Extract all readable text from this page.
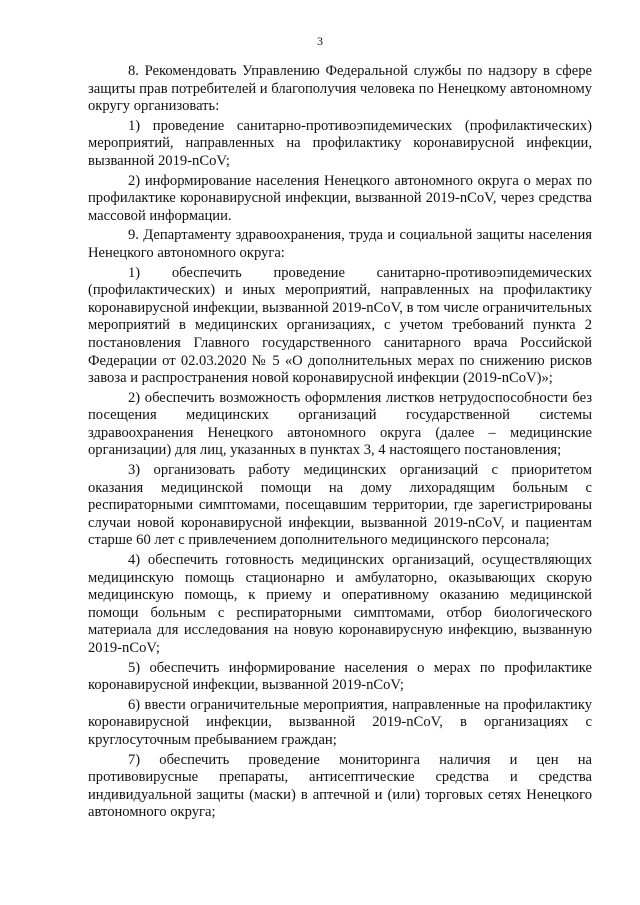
3

8. Рекомендовать Управлению Федеральной службы по надзору в сфере защиты прав потребителей и благополучия человека по Ненецкому автономному округу организовать:

1) проведение санитарно-противоэпидемических (профилактических) мероприятий, направленных на профилактику коронавирусной инфекции, вызванной 2019-nCoV;

2) информирование населения Ненецкого автономного округа о мерах по профилактике коронавирусной инфекции, вызванной 2019-nCoV, через средства массовой информации.

9. Департаменту здравоохранения, труда и социальной защиты населения Ненецкого автономного округа:

1) обеспечить проведение санитарно-противоэпидемических (профилактических) и иных мероприятий, направленных на профилактику коронавирусной инфекции, вызванной 2019-nCoV, в том числе ограничительных мероприятий в медицинских организациях, с учетом требований пункта 2 постановления Главного государственного санитарного врача Российской Федерации от 02.03.2020 № 5 «О дополнительных мерах по снижению рисков завоза и распространения новой коронавирусной инфекции (2019-nCoV)»;

2) обеспечить возможность оформления листков нетрудоспособности без посещения медицинских организаций государственной системы здравоохранения Ненецкого автономного округа (далее – медицинские организации) для лиц, указанных в пунктах 3, 4 настоящего постановления;

3) организовать работу медицинских организаций с приоритетом оказания медицинской помощи на дому лихорадящим больным с респираторными симптомами, посещавшим территории, где зарегистрированы случаи новой коронавирусной инфекции, вызванной 2019-nCoV, и пациентам старше 60 лет с привлечением дополнительного медицинского персонала;

4) обеспечить готовность медицинских организаций, осуществляющих медицинскую помощь стационарно и амбулаторно, оказывающих скорую медицинскую помощь, к приему и оперативному оказанию медицинской помощи больным с респираторными симптомами, отбор биологического материала для исследования на новую коронавирусную инфекцию, вызванную 2019-nCoV;

5) обеспечить информирование населения о мерах по профилактике коронавирусной инфекции, вызванной 2019-nCoV;

6) ввести ограничительные мероприятия, направленные на профилактику коронавирусной инфекции, вызванной 2019-nCoV, в организациях с круглосуточным пребыванием граждан;

7) обеспечить проведение мониторинга наличия и цен на противовирусные препараты, антисептические средства и средства индивидуальной защиты (маски) в аптечной и (или) торговых сетях Ненецкого автономного округа;
